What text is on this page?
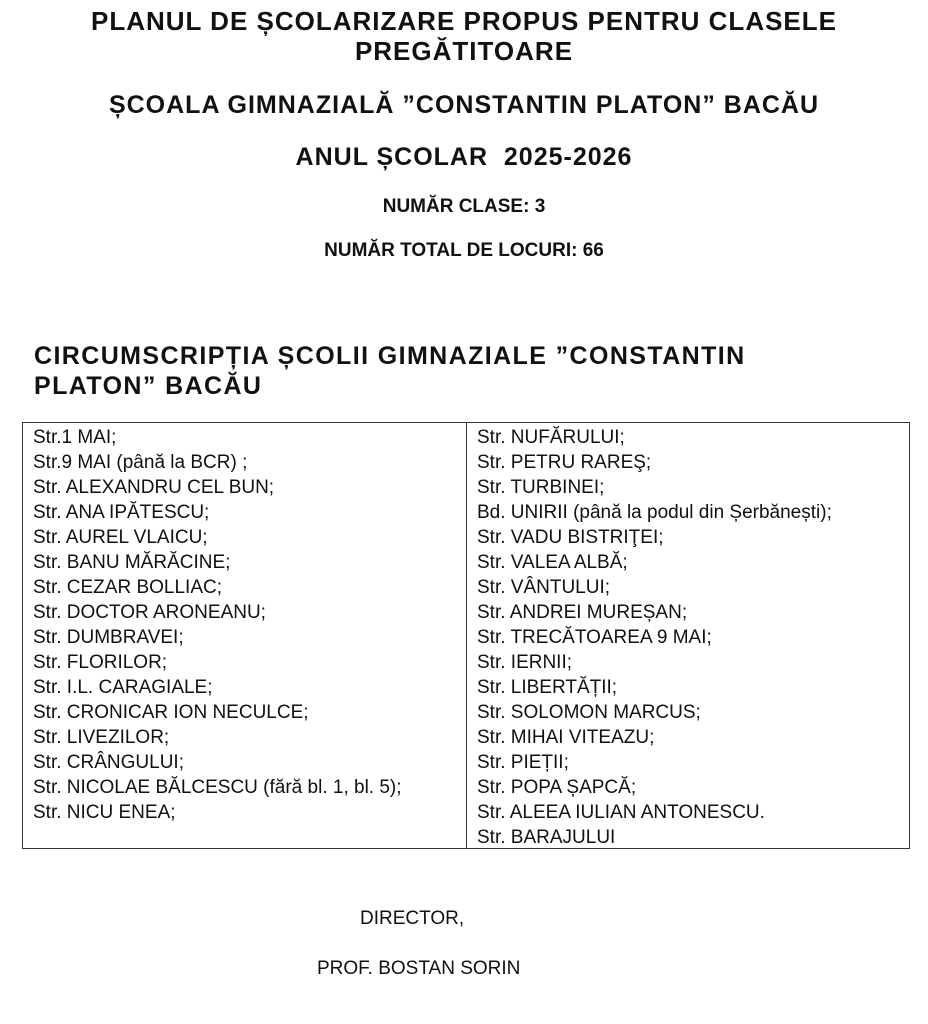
PLANUL DE ȘCOLARIZARE PROPUS PENTRU CLASELE PREGĂTITOARE
ȘCOALA GIMNAZIALĂ ”CONSTANTIN PLATON” BACĂU
ANUL ȘCOLAR  2025-2026
NUMĂR CLASE: 3
NUMĂR TOTAL DE LOCURI: 66
CIRCUMSCRIPȚIA ȘCOLII GIMNAZIALE ”CONSTANTIN PLATON” BACĂU
Str.1 MAI;
Str.9 MAI (până la BCR) ;
Str. ALEXANDRU CEL BUN;
Str. ANA IPĂTESCU;
Str. AUREL VLAICU;
Str. BANU MĂRĂCINE;
Str. CEZAR BOLLIAC;
Str. DOCTOR ARONEANU;
Str. DUMBRAVEI;
Str. FLORILOR;
Str. I.L. CARAGIALE;
Str. CRONICAR ION NECULCE;
Str. LIVEZILOR;
Str. CRÂNGULUI;
Str. NICOLAE BĂLCESCU (fără bl. 1, bl. 5);
Str. NICU ENEA;
Str. NUFĂRULUI;
Str. PETRU RAREŞ;
Str. TURBINEI;
Bd. UNIRII (până la podul din Șerbănești);
Str. VADU BISTRIŢEI;
Str. VALEA ALBĂ;
Str. VÂNTULUI;
Str. ANDREI MUREȘAN;
Str. TRECĂTOAREA 9 MAI;
Str. IERNII;
Str. LIBERTĂȚII;
Str. SOLOMON MARCUS;
Str. MIHAI VITEAZU;
Str. PIEȚII;
Str. POPA ȘAPCĂ;
Str. ALEEA IULIAN ANTONESCU.
Str. BARAJULUI
DIRECTOR,
PROF. BOSTAN SORIN
